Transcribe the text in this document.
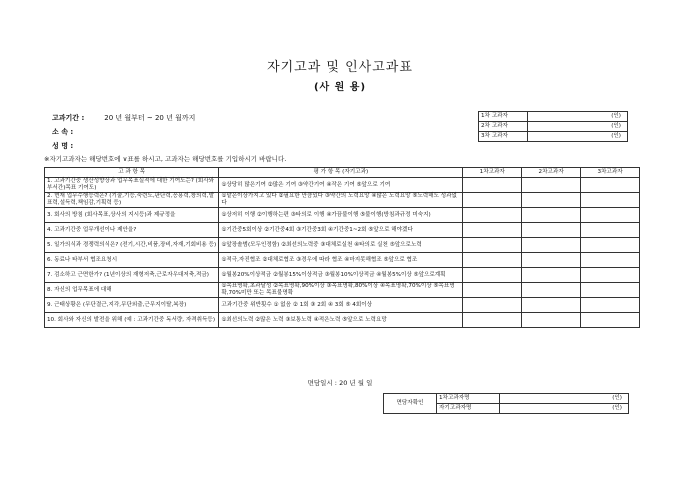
자기고과 및 인사고과표
(사 원 용)
고과기간 :	20 년 월부터 ~ 20 년 월까지
소 속 :
성 명 :
1차 고과자	(인)
2차 고과자	(인)
3차 고과자	(인)
※자기고과자는 해당번호에 ∨표를 하시고, 고과자는 해당번호를 기입하시기 바랍니다.
고 과 항 목	평 가 항 목 (자기고과)	1차고과자	2차고과자	3차고과자
1. 고과기간중 생산성향상과 업무목표실적에 대한 기여도는? (회사와 부서간)목표 기여도)	①상당히 많은기여 ②많은 기여 ③약간기여 ④작은 기여 ⑤앞으로 기여			
2. 현재 업무수행능력은? (기술,기능,숙련도,판단력,응용력,창의력,발표력,설득력,책임감,기획력 등)	①맡은이상가지고 있다 ②필요한 만큼있다 ③약간의 노력요망 ④많은 노력요망 ⑤노력해도 성과없다			
3. 회사의 방침 (회사목표,상사의 지시등)과 제규정을	①상저히 이행 ②이행하는편 ③타의로 이행 ④가끔불이행 ⑤불이행(방침과규정 미숙지)			
4. 고과기간중 업무개선이나 제안을?	①기간중5회이상 ②기간중4회 ③기간중3회 ④기간중1~2회 ⑤앞으로 해야겠다			
5. 일가의식과 경쟁력의식은? (전기,시간,비품,장비,자재,기회비용 등)	①앞장솔범(모두인정함) ②최선의노력중 ③대체로실천 ④타의로 실천 ⑤앞으로노력			
6. 동료나 타부서 협조요청시	①적극,자진협조 ②대체로협조 ③경우에 따라 협조 ④마지못해협조 ⑤앞으로 협조			
7. 검소하고 근면한가? (1년이상의 재형저축,근로자우대저축,적금)	①월봉20%이상적금 ②월봉15%이상적금 ③월봉10%이상적금 ④월봉5%이상 ⑤앞으로계획			
8. 자신의 업무목표에 대해	①목표명확,초과달성 ②목표명확,90%이상 ③목표명확,80%이상 ④목표명확,70%이상 ⑤목표명확,70%미만 또는 목표불명확			
9. 근태상황은 (무단결근,지각,무단외출,근무지이탈,복장)	고과기간중 위반횟수 ① 없음 ② 1회 ③ 2회 ④ 3회 ⑤ 4회이상			
10. 회사와 자신의 발전을 위해 (예 : 고과기간중 독서량, 자격취득등)	①최선의노력 ②많은 노력 ③보통노력 ④적은노력 ⑤앞으로 노력요망			
면담일시 : 20 년 월 일
면담자확인	1차고과자명	(인)
	자기고과자명	(인)
